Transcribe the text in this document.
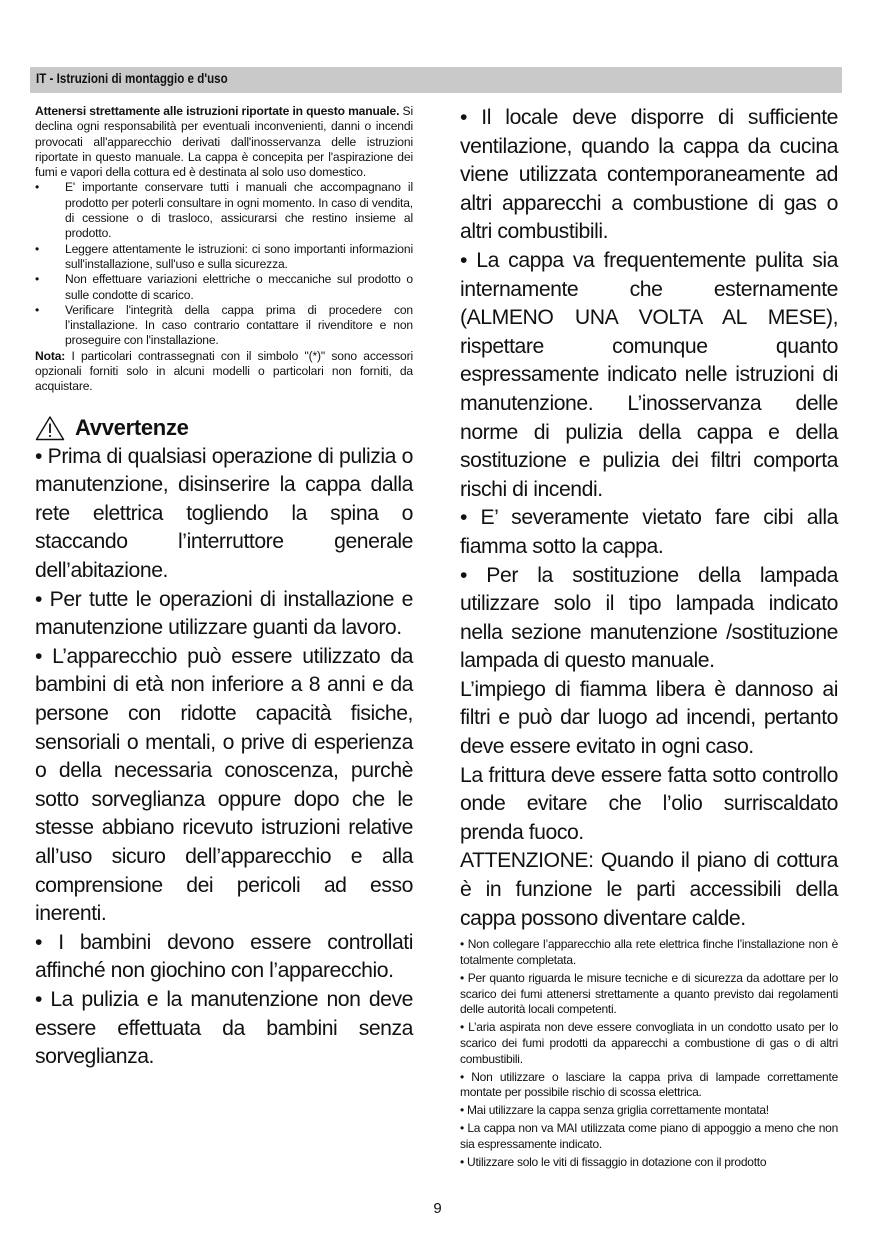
IT - Istruzioni di montaggio e d'uso

Attenersi strettamente alle istruzioni riportate in questo manuale. Si declina ogni responsabilità per eventuali inconvenienti, danni o incendi provocati all'apparecchio derivati dall'inosservanza delle istruzioni riportate in questo manuale. La cappa è concepita per l'aspirazione dei fumi e vapori della cottura ed è destinata al solo uso domestico.

• E' importante conservare tutti i manuali che accompagnano il prodotto per poterli consultare in ogni momento. In caso di vendita, di cessione o di trasloco, assicurarsi che restino insieme al prodotto.
• Leggere attentamente le istruzioni: ci sono importanti informazioni sull'installazione, sull'uso e sulla sicurezza.
• Non effettuare variazioni elettriche o meccaniche sul prodotto o sulle condotte di scarico.
• Verificare l'integrità della cappa prima di procedere con l’installazione. In caso contrario contattare il rivenditore e non proseguire con l'installazione.

Nota: I particolari contrassegnati con il simbolo "(*)" sono accessori opzionali forniti solo in alcuni modelli o particolari non forniti, da acquistare.

Avvertenze

• Prima di qualsiasi operazione di pulizia o manutenzione, disinserire la cappa dalla rete elettrica togliendo la spina o staccando l’interruttore generale dell’abitazione.

• Per tutte le operazioni di installazione e manutenzione utilizzare guanti da lavoro.

• L’apparecchio può essere utilizzato da bambini di età non inferiore a 8 anni e da persone con ridotte capacità fisiche, sensoriali o mentali, o prive di esperienza o della necessaria conoscenza, purchè sotto sorveglianza oppure dopo che le stesse abbiano ricevuto istruzioni relative all’uso sicuro dell’apparecchio e alla comprensione dei pericoli ad esso inerenti.

• I bambini devono essere controllati affinché non giochino con l’apparecchio.

• La pulizia e la manutenzione non deve essere effettuata da bambini senza sorveglianza.

• Il locale deve disporre di sufficiente ventilazione, quando la cappa da cucina viene utilizzata contemporaneamente ad altri apparecchi a combustione di gas o altri combustibili.

• La cappa va frequentemente pulita sia internamente che esternamente (ALMENO UNA VOLTA AL MESE), rispettare comunque quanto espressamente indicato nelle istruzioni di manutenzione. L’inosservanza delle norme di pulizia della cappa e della sostituzione e pulizia dei filtri comporta rischi di incendi.

• E’ severamente vietato fare cibi alla fiamma sotto la cappa.

• Per la sostituzione della lampada utilizzare solo il tipo lampada indicato nella sezione manutenzione /sostituzione lampada di questo manuale.

L’impiego di fiamma libera è dannoso ai filtri e può dar luogo ad incendi, pertanto deve essere evitato in ogni caso.

La frittura deve essere fatta sotto controllo onde evitare che l’olio surriscaldato prenda fuoco.

ATTENZIONE: Quando il piano di cottura è in funzione le parti accessibili della cappa possono diventare calde.

• Non collegare l’apparecchio alla rete elettrica finche l’installazione non è totalmente completata.

• Per quanto riguarda le misure tecniche e di sicurezza da adottare per lo scarico dei fumi attenersi strettamente a quanto previsto dai regolamenti delle autorità locali competenti.

• L’aria aspirata non deve essere convogliata in un condotto usato per lo scarico dei fumi prodotti da apparecchi a combustione di gas o di altri combustibili.

• Non utilizzare o lasciare la cappa priva di lampade correttamente montate per possibile rischio di scossa elettrica.

• Mai utilizzare la cappa senza griglia correttamente montata!

• La cappa non va MAI utilizzata come piano di appoggio a meno che non sia espressamente indicato.

• Utilizzare solo le viti di fissaggio in dotazione con il prodotto

9
